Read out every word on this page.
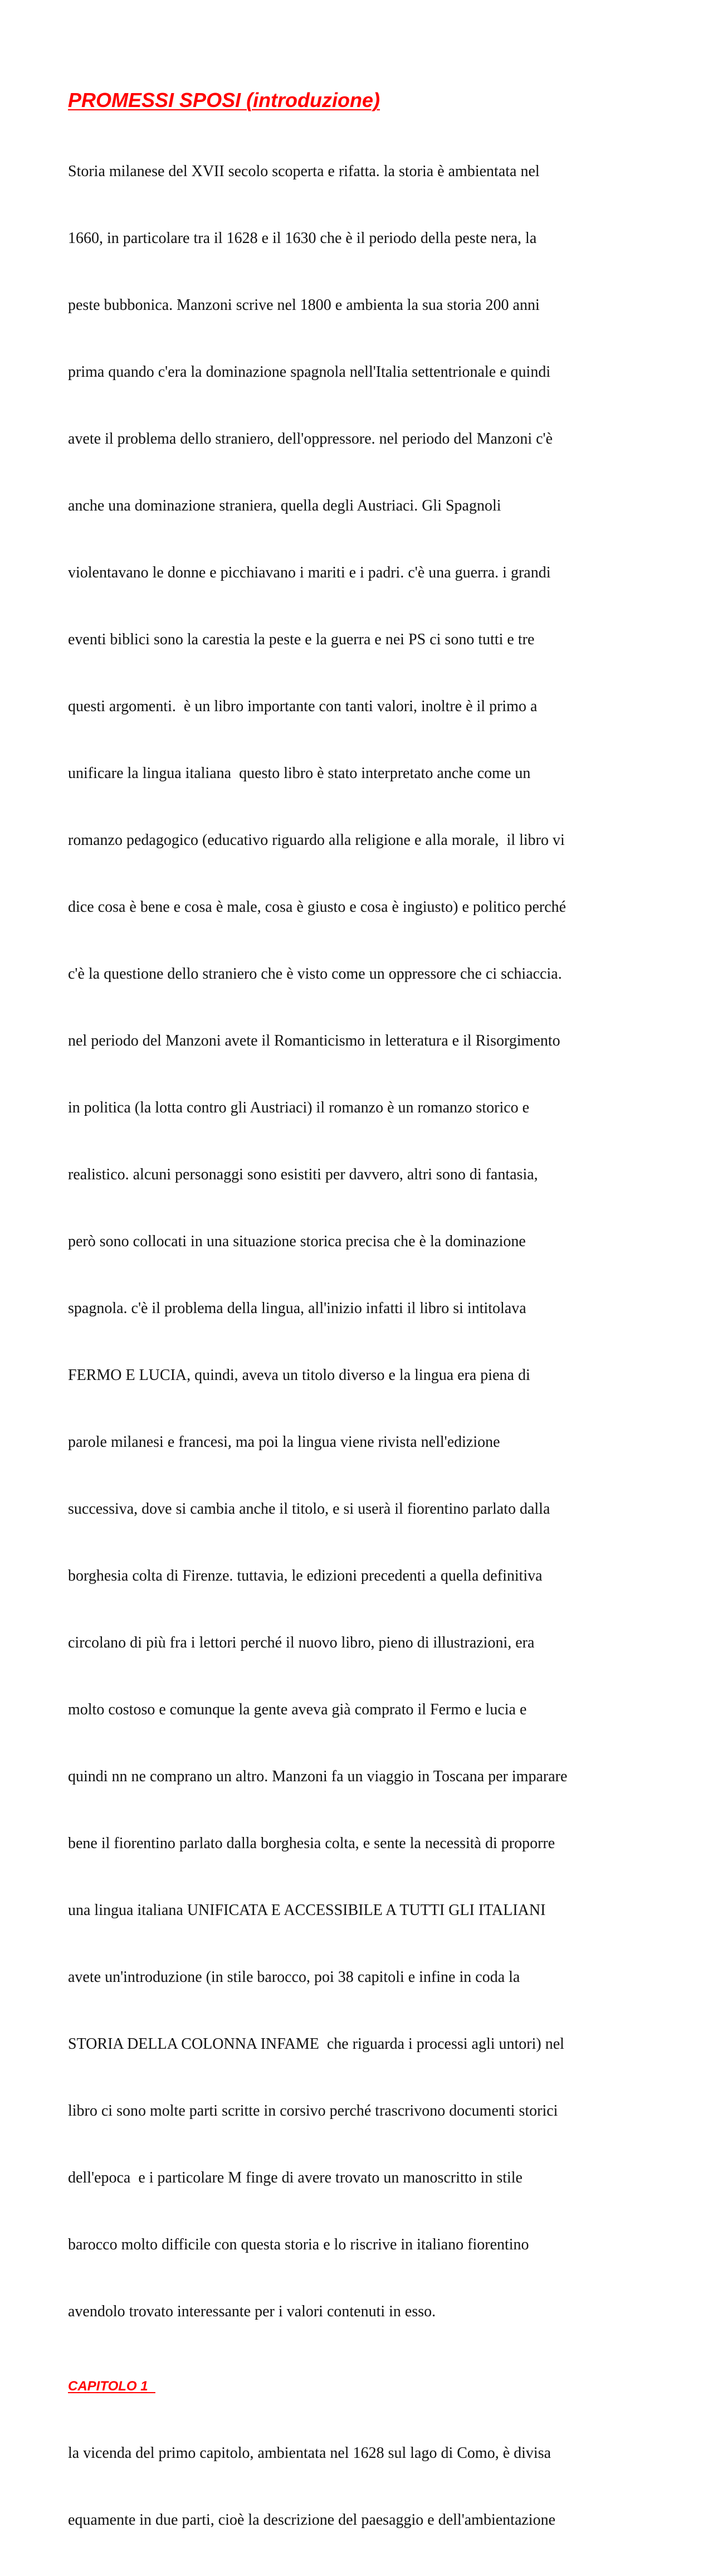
PROMESSI SPOSI (introduzione)

Storia milanese del XVII secolo scoperta e rifatta. la storia è ambientata nel

1660, in particolare tra il 1628 e il 1630 che è il periodo della peste nera, la

peste bubbonica. Manzoni scrive nel 1800 e ambienta la sua storia 200 anni

prima quando c'era la dominazione spagnola nell'Italia settentrionale e quindi

avete il problema dello straniero, dell'oppressore. nel periodo del Manzoni c'è

anche una dominazione straniera, quella degli Austriaci. Gli Spagnoli

violentavano le donne e picchiavano i mariti e i padri. c'è una guerra. i grandi

eventi biblici sono la carestia la peste e la guerra e nei PS ci sono tutti e tre

questi argomenti.  è un libro importante con tanti valori, inoltre è il primo a

unificare la lingua italiana  questo libro è stato interpretato anche come un

romanzo pedagogico (educativo riguardo alla religione e alla morale,  il libro vi

dice cosa è bene e cosa è male, cosa è giusto e cosa è ingiusto) e politico perché

c'è la questione dello straniero che è visto come un oppressore che ci schiaccia.

nel periodo del Manzoni avete il Romanticismo in letteratura e il Risorgimento

in politica (la lotta contro gli Austriaci) il romanzo è un romanzo storico e

realistico. alcuni personaggi sono esistiti per davvero, altri sono di fantasia,

però sono collocati in una situazione storica precisa che è la dominazione

spagnola. c'è il problema della lingua, all'inizio infatti il libro si intitolava

FERMO E LUCIA, quindi, aveva un titolo diverso e la lingua era piena di

parole milanesi e francesi, ma poi la lingua viene rivista nell'edizione

successiva, dove si cambia anche il titolo, e si userà il fiorentino parlato dalla

borghesia colta di Firenze. tuttavia, le edizioni precedenti a quella definitiva

circolano di più fra i lettori perché il nuovo libro, pieno di illustrazioni, era

molto costoso e comunque la gente aveva già comprato il Fermo e lucia e

quindi nn ne comprano un altro. Manzoni fa un viaggio in Toscana per imparare

bene il fiorentino parlato dalla borghesia colta, e sente la necessità di proporre

una lingua italiana UNIFICATA E ACCESSIBILE A TUTTI GLI ITALIANI

avete un'introduzione (in stile barocco, poi 38 capitoli e infine in coda la

STORIA DELLA COLONNA INFAME  che riguarda i processi agli untori) nel

libro ci sono molte parti scritte in corsivo perché trascrivono documenti storici

dell'epoca  e i particolare M finge di avere trovato un manoscritto in stile

barocco molto difficile con questa storia e lo riscrive in italiano fiorentino

avendolo trovato interessante per i valori contenuti in esso.

CAPITOLO 1

la vicenda del primo capitolo, ambientata nel 1628 sul lago di Como, è divisa

equamente in due parti, cioè la descrizione del paesaggio e dell'ambientazione
